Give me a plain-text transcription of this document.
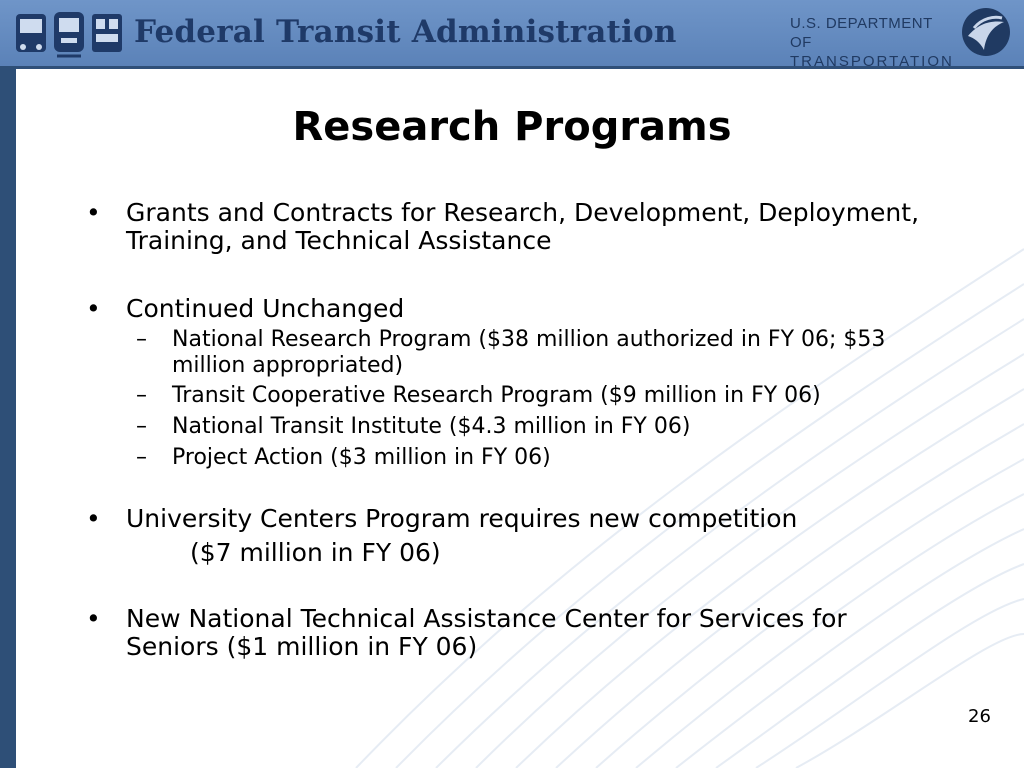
Federal Transit Administration	U.S. DEPARTMENT OF
TRANSPORTATION
Research Programs
• Grants and Contracts for Research, Development, Deployment, Training, and Technical Assistance
• Continued Unchanged
– National Research Program ($38 million authorized in FY 06; $53 million appropriated)
– Transit Cooperative Research Program ($9 million in FY 06)
– National Transit Institute ($4.3 million in FY 06)
– Project Action ($3 million in FY 06)
• University Centers Program requires new competition
($7 million in FY 06)
• New National Technical Assistance Center for Services for Seniors ($1 million in FY 06)
26
